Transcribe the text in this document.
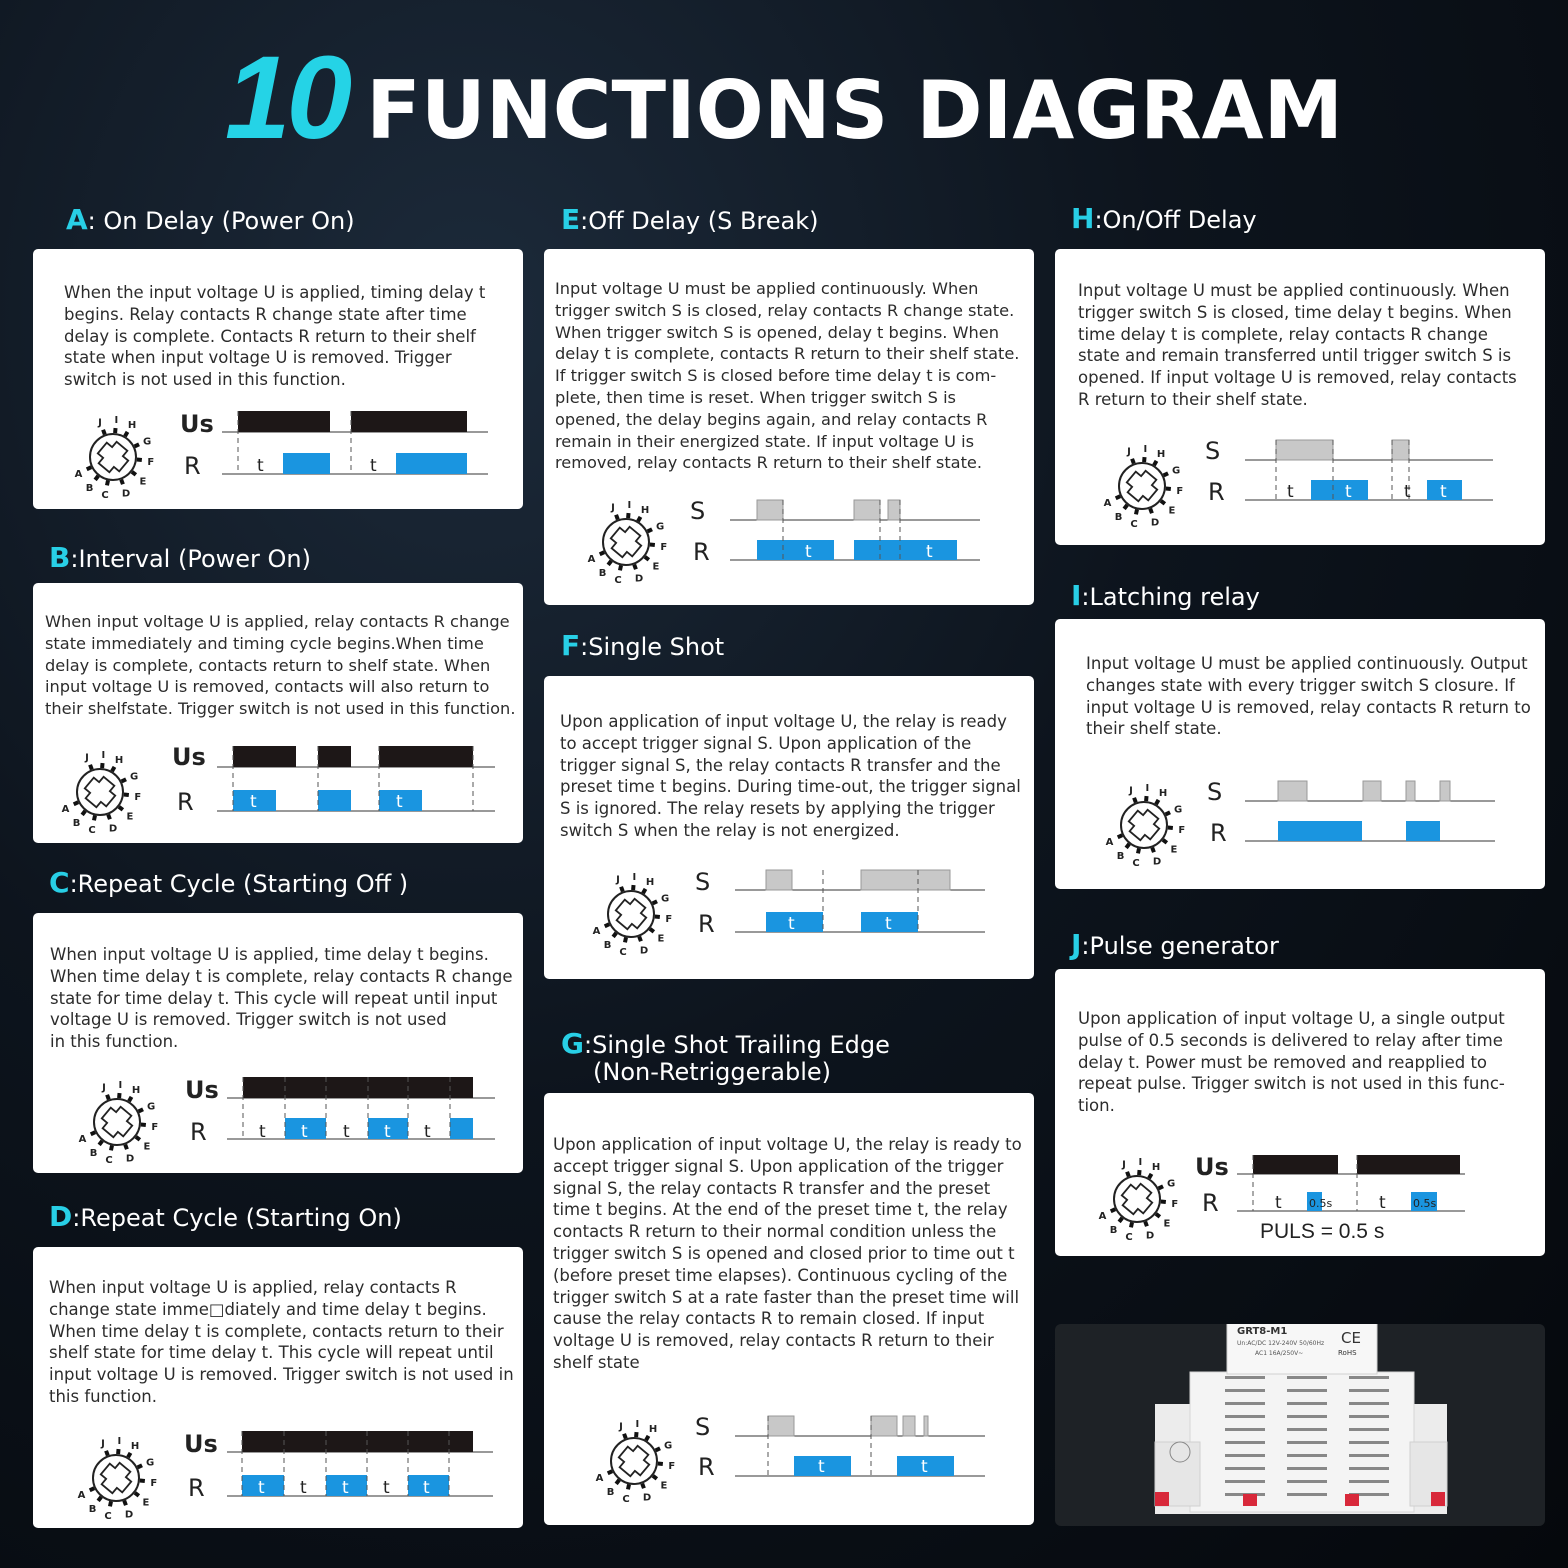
10 FUNCTIONS DIAGRAM
A: On Delay (Power On)
B:Interval (Power On)
C:Repeat Cycle (Starting Off )
D:Repeat Cycle (Starting On)
E:Off Delay (S Break)
F:Single Shot
G:Single Shot Trailing Edge
(Non-Retriggerable)
H:On/Off Delay
I:Latching relay
J:Pulse generator
When the input voltage U is applied, timing delay t
begins. Relay contacts R change state after time
delay is complete. Contacts R return to their shelf
state when input voltage U is removed. Trigger
switch is not used in this function.
When input voltage U is applied, relay contacts R change
state immediately and timing cycle begins.When time
delay is complete, contacts return to shelf state. When
input voltage U is removed, contacts will also return to
their shelfstate. Trigger switch is not used in this function.
When input voltage U is applied, time delay t begins.
When time delay t is complete, relay contacts R change
state for time delay t. This cycle will repeat until input
voltage U is removed. Trigger switch is not used
in this function.
When input voltage U is applied, relay contacts R
change state imme□diately and time delay t begins.
When time delay t is complete, contacts return to their
shelf state for time delay t. This cycle will repeat until
input voltage U is removed. Trigger switch is not used in
this function.
Input voltage U must be applied continuously. When
trigger switch S is closed, relay contacts R change state.
When trigger switch S is opened, delay t begins. When
delay t is complete, contacts R return to their shelf state.
If trigger switch S is closed before time delay t is com-
plete, then time is reset. When trigger switch S is
opened, the delay begins again, and relay contacts R
remain in their energized state. If input voltage U is
removed, relay contacts R return to their shelf state.
Upon application of input voltage U, the relay is ready
to accept trigger signal S. Upon application of the
trigger signal S, the relay contacts R transfer and the
preset time t begins. During time-out, the trigger signal
S is ignored. The relay resets by applying the trigger
switch S when the relay is not energized.
Upon application of input voltage U, the relay is ready to
accept trigger signal S. Upon application of the trigger
signal S, the relay contacts R transfer and the preset
time t begins. At the end of the preset time t, the relay
contacts R return to their normal condition unless the
trigger switch S is opened and closed prior to time out t
(before preset time elapses). Continuous cycling of the
trigger switch S at a rate faster than the preset time will
cause the relay contacts R to remain closed. If input
voltage U is removed, relay contacts R return to their
shelf state
Input voltage U must be applied continuously. When
trigger switch S is closed, time delay t begins. When
time delay t is complete, relay contacts R change
state and remain transferred until trigger switch S is
opened. If input voltage U is removed, relay contacts
R return to their shelf state.
Input voltage U must be applied continuously. Output
changes state with every trigger switch S closure. If
input voltage U is removed, relay contacts R return to
their shelf state.
Upon application of input voltage U, a single output
pulse of 0.5 seconds is delivered to relay after time
delay t. Power must be removed and reapplied to
repeat pulse. Trigger switch is not used in this func-
tion.
A
B
C D
E
F
G
H
I
J
A
B
C D
E
F
G
H
I
J
A
B
C D
E
F
G
H
I
J
A
B
C D
E
F
G
H
I
J
A
B
C D
E
F
G
H
I
J
A
B
C D
E
F
G
H
I
J
A
B
C D
E
F
G
H
I
J
A
B
C D
E
F
G
H
I
J
A
B
C D
E
F
G
H
I
J
A
B
C D
E
F
G
H
I
J
Us
R	t	t
Us
R	t	t
Us
R	t t t t t
Us
R	t t t t t
S
R	t	t
S
R	t	t
S
R	t	t
S
R	t	t	t t
S
R
Us
R	t	t
0.5s	0.5s
PULS = 0.5 s
GRT8-M1
Un:AC/DC 12V-240V 50/60Hz
AC1 16A/250V~
CE
RoHS
